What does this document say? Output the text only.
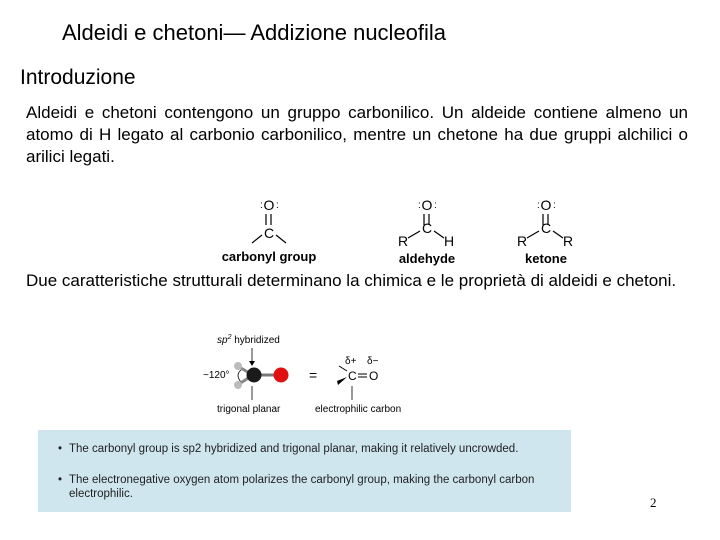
Aldeidi e chetoni— Addizione nucleofila
Introduzione
Aldeidi e chetoni contengono un gruppo carbonilico. Un aldeide contiene almeno un atomo di H legato al carbonio carbonilico, mentre un chetone ha due gruppi alchilici o arilici legati.
O
: :
C
carbonyl group
O
: :
C
R	H
aldehyde
O
: :
C
R	R
ketone
Due caratteristiche strutturali determinano la chimica e le proprietà di aldeidi e chetoni.
$sp^2$ hybridized
~120°
trigonal planar
=
δ+ δ−
C O
electrophilic carbon
• The carbonyl group is sp2 hybridized and trigonal planar, making it relatively uncrowded.
• The electronegative oxygen atom polarizes the carbonyl group, making the carbonyl carbon electrophilic.
2
